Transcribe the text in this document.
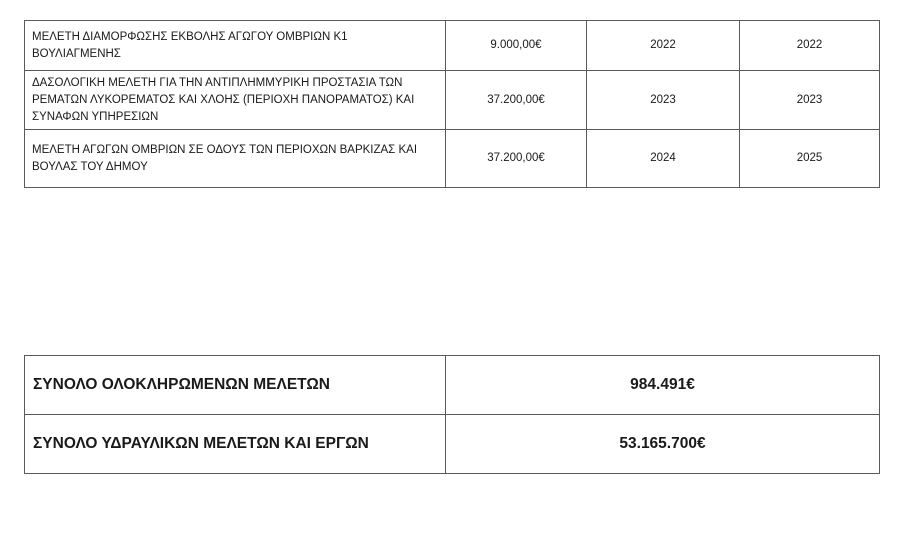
ΜΕΛΕΤΗ ΔΙΑΜΟΡΦΩΣΗΣ ΕΚΒΟΛΗΣ ΑΓΩΓΟΥ ΟΜΒΡΙΩΝ Κ1 ΒΟΥΛΙΑΓΜΕΝΗΣ	9.000,00€	2022	2022
ΔΑΣΟΛΟΓΙΚΗ ΜΕΛΕΤΗ ΓΙΑ ΤΗΝ ΑΝΤΙΠΛΗΜΜΥΡΙΚΗ ΠΡΟΣΤΑΣΙΑ ΤΩΝ ΡΕΜΑΤΩΝ ΛΥΚΟΡΕΜΑΤΟΣ ΚΑΙ ΧΛΟΗΣ (ΠΕΡΙΟΧΗ ΠΑΝΟΡΑΜΑΤΟΣ) ΚΑΙ ΣΥΝΑΦΩΝ ΥΠΗΡΕΣΙΩΝ	37.200,00€	2023	2023
ΜΕΛΕΤΗ ΑΓΩΓΩΝ ΟΜΒΡΙΩΝ ΣΕ ΟΔΟΥΣ ΤΩΝ ΠΕΡΙΟΧΩΝ ΒΑΡΚΙΖΑΣ ΚΑΙ ΒΟΥΛΑΣ ΤΟΥ ΔΗΜΟΥ	37.200,00€	2024	2025
ΣΥΝΟΛΟ ΟΛΟΚΛΗΡΩΜΕΝΩΝ ΜΕΛΕΤΩΝ	984.491€
ΣΥΝΟΛΟ ΥΔΡΑΥΛΙΚΩΝ ΜΕΛΕΤΩΝ ΚΑΙ ΕΡΓΩΝ	53.165.700€
